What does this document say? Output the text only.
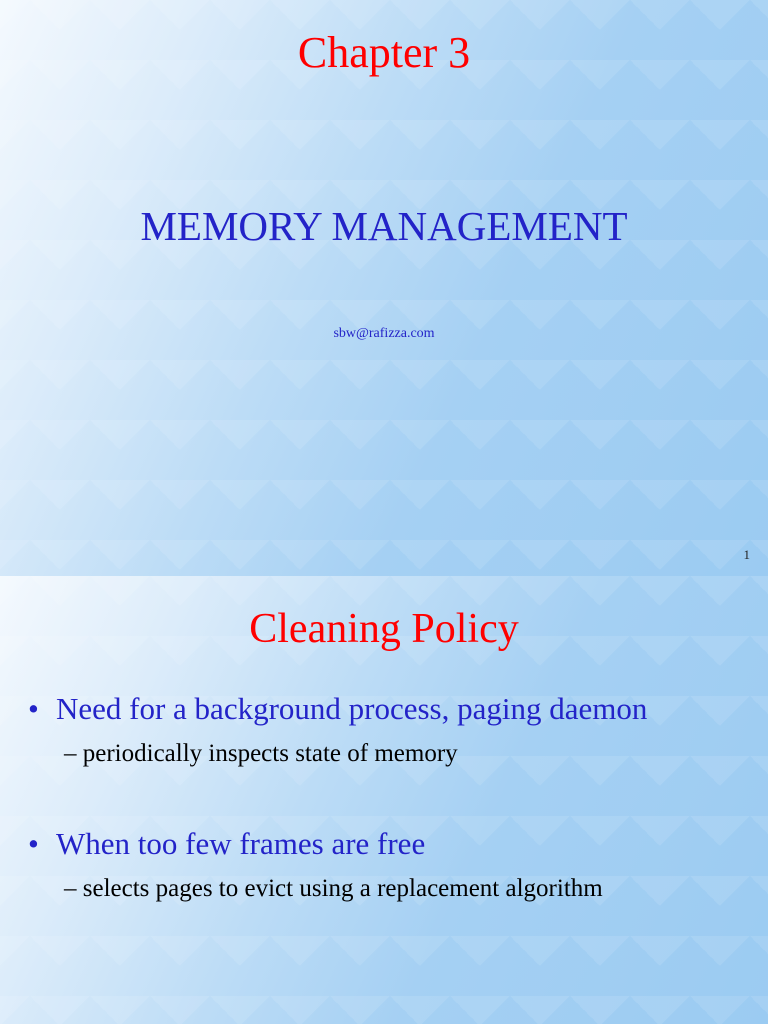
Chapter 3
MEMORY MANAGEMENT
sbw@rafizza.com
1
Cleaning Policy
• Need for a background process, paging daemon
– periodically inspects state of memory
• When too few frames are free
– selects pages to evict using a replacement algorithm
